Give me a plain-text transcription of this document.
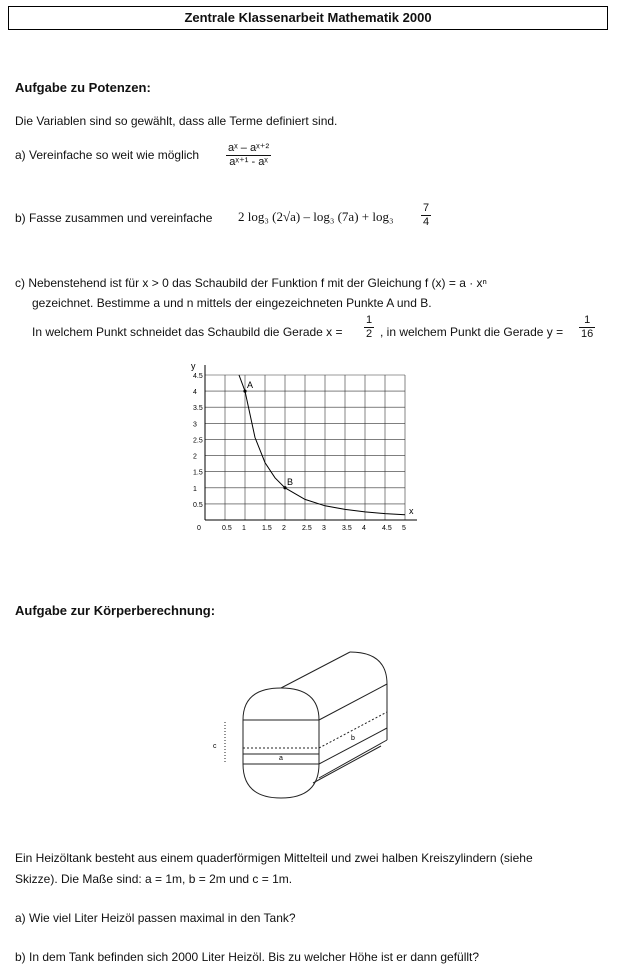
Zentrale Klassenarbeit Mathematik 2000
Aufgabe zu Potenzen:
Die Variablen sind so gewählt, dass alle Terme definiert sind.
a) Vereinfache so weit wie möglich $\frac{\text{aˣ – aˣ⁺²}}{\text{aˣ⁺¹ - aˣ}}$
b) Fasse zusammen und vereinfache 2 log₃ (2√a) – log₃ $(7a) + \log_3 \frac{7}{4}$
c) Nebenstehend ist für x > 0 das Schaubild der Funktion f mit der Gleichung f (x) = a · xⁿ
gezeichnet. Bestimme a und n mittels der eingezeichneten Punkte A und B.
In welchem Punkt schneidet das Schaubild die Gerade $x = \frac{1}{2}$ , in welchem Punkt die Gerade $y = \frac{1}{16}$
x
y
0	0.5 1 1.5 2 2.5 3 3.5 4 4.5 5
0.5
1
1.5
2
2.5
3
3.5
4
4.5
A
B
Aufgabe zur Körperberechnung:
c
a
b
Ein Heizöltank besteht aus einem quaderförmigen Mittelteil und zwei halben Kreiszylindern (siehe
Skizze). Die Maße sind: a = 1m, b = 2m und c = 1m.
a) Wie viel Liter Heizöl passen maximal in den Tank?
b) In dem Tank befinden sich 2000 Liter Heizöl. Bis zu welcher Höhe ist er dann gefüllt?
